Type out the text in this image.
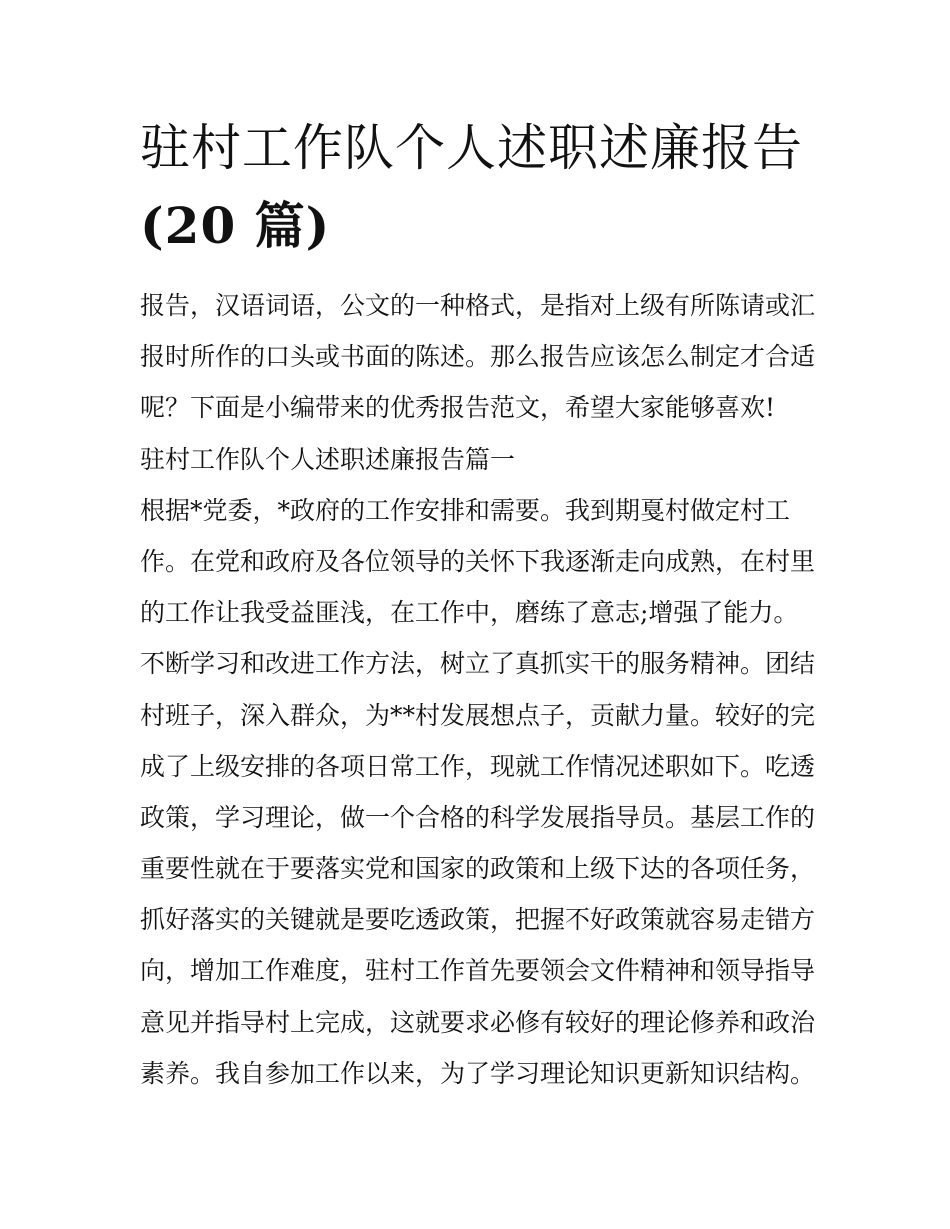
驻村工作队个人述职述廉报告

(20 篇)

报告，汉语词语，公文的一种格式，是指对上级有所陈请或汇

报时所作的口头或书面的陈述。那么报告应该怎么制定才合适

呢？下面是小编带来的优秀报告范文，希望大家能够喜欢!

驻村工作队个人述职述廉报告篇一

根据*党委，*政府的工作安排和需要。我到期戛村做定村工

作。在党和政府及各位领导的关怀下我逐渐走向成熟，在村里

的工作让我受益匪浅，在工作中，磨练了意志;增强了能力。

不断学习和改进工作方法，树立了真抓实干的服务精神。团结

村班子，深入群众，为**村发展想点子，贡献力量。较好的完

成了上级安排的各项日常工作，现就工作情况述职如下。吃透

政策，学习理论，做一个合格的科学发展指导员。基层工作的

重要性就在于要落实党和国家的政策和上级下达的各项任务，

抓好落实的关键就是要吃透政策，把握不好政策就容易走错方

向，增加工作难度，驻村工作首先要领会文件精神和领导指导

意见并指导村上完成，这就要求必修有较好的理论修养和政治

素养。我自参加工作以来，为了学习理论知识更新知识结构。
